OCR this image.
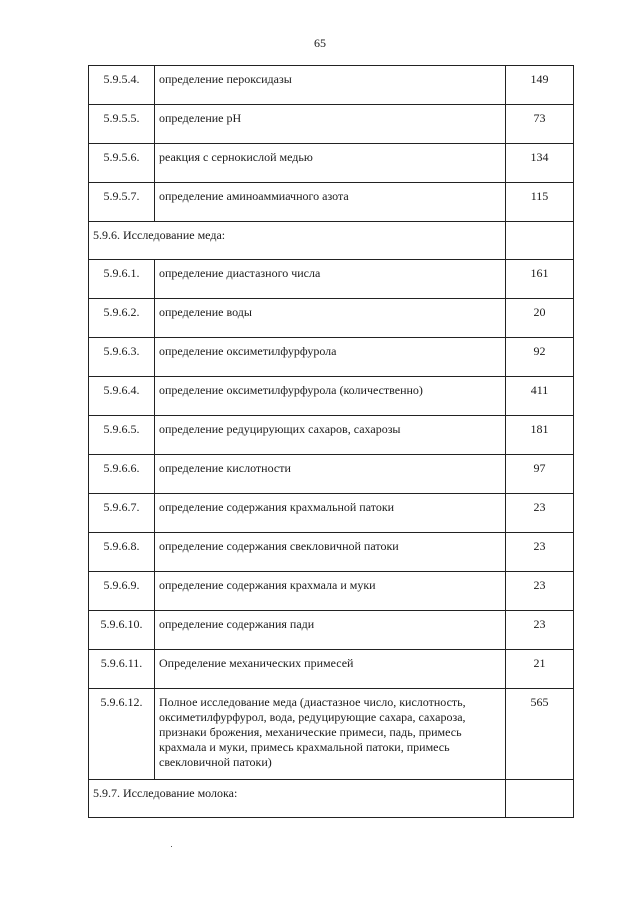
65
5.9.5.4.	определение пероксидазы	149
5.9.5.5.	определение рН	73
5.9.5.6.	реакция с сернокислой медью	134
5.9.5.7.	определение аминоаммиачного азота	115
5.9.6. Исследование меда:		
5.9.6.1.	определение диастазного числа	161
5.9.6.2.	определение воды	20
5.9.6.3.	определение оксиметилфурфурола	92
5.9.6.4.	определение оксиметилфурфурола (количественно)	411
5.9.6.5.	определение редуцирующих сахаров, сахарозы	181
5.9.6.6.	определение кислотности	97
5.9.6.7.	определение содержания крахмальной патоки	23
5.9.6.8.	определение содержания свекловичной патоки	23
5.9.6.9.	определение содержания крахмала и муки	23
5.9.6.10.	определение содержания пади	23
5.9.6.11.	Определение механических примесей	21
5.9.6.12.	Полное исследование меда (диастазное число, кислотность, оксиметилфурфурол, вода, редуцирующие сахара, сахароза, признаки брожения, механические примеси, падь, примесь крахмала и муки, примесь крахмальной патоки, примесь свекловичной патоки)	565
5.9.7. Исследование молока:		
